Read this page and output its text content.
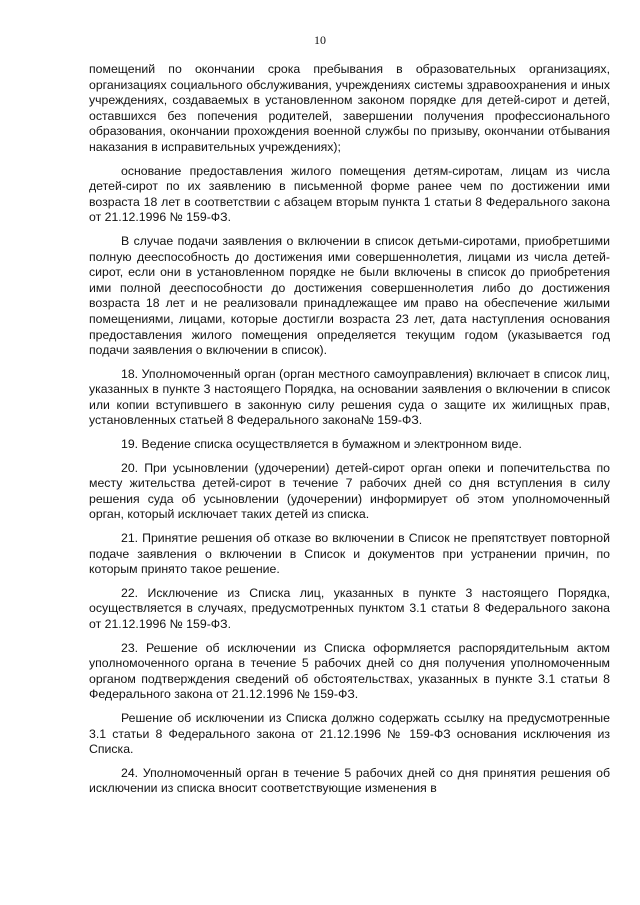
10

помещений по окончании срока пребывания в образовательных организациях, организациях социального обслуживания, учреждениях системы здравоохранения и иных учреждениях, создаваемых в установленном законом порядке для детей-сирот и детей, оставшихся без попечения родителей, завершении получения профессионального образования, окончании прохождения военной службы по призыву, окончании отбывания наказания в исправительных учреждениях);

основание предоставления жилого помещения детям-сиротам, лицам из числа детей-сирот по их заявлению в письменной форме ранее чем по достижении ими возраста 18 лет в соответствии с абзацем вторым пункта 1 статьи 8 Федерального закона от 21.12.1996 № 159-ФЗ.

В случае подачи заявления о включении в список детьми-сиротами, приобретшими полную дееспособность до достижения ими совершеннолетия, лицами из числа детей-сирот, если они в установленном порядке не были включены в список до приобретения ими полной дееспособности до достижения совершеннолетия либо до достижения возраста 18 лет и не реализовали принадлежащее им право на обеспечение жилыми помещениями, лицами, которые достигли возраста 23 лет, дата наступления основания предоставления жилого помещения определяется текущим годом (указывается год подачи заявления о включении в список).

18. Уполномоченный орган (орган местного самоуправления) включает в список лиц, указанных в пункте 3 настоящего Порядка, на основании заявления о включении в список или копии вступившего в законную силу решения суда о защите их жилищных прав, установленных статьей 8 Федерального закона№ 159-ФЗ.

19. Ведение списка осуществляется в бумажном и электронном виде.

20. При усыновлении (удочерении) детей-сирот орган опеки и попечительства по месту жительства детей-сирот в течение 7 рабочих дней со дня вступления в силу решения суда об усыновлении (удочерении) информирует об этом уполномоченный орган, который исключает таких детей из списка.

21. Принятие решения об отказе во включении в Список не препятствует повторной подаче заявления о включении в Список и документов при устранении причин, по которым принято такое решение.

22. Исключение из Списка лиц, указанных в пункте 3 настоящего Порядка, осуществляется в случаях, предусмотренных пунктом 3.1 статьи 8 Федерального закона от 21.12.1996 № 159-ФЗ.

23. Решение об исключении из Списка оформляется распорядительным актом уполномоченного органа в течение 5 рабочих дней со дня получения уполномоченным органом подтверждения сведений об обстоятельствах, указанных в пункте 3.1 статьи 8 Федерального закона от 21.12.1996 № 159-ФЗ.

Решение об исключении из Списка должно содержать ссылку на предусмотренные 3.1 статьи 8 Федерального закона от 21.12.1996 № 159-ФЗ основания исключения из Списка.

24. Уполномоченный орган в течение 5 рабочих дней со дня принятия решения об исключении из списка вносит соответствующие изменения в
